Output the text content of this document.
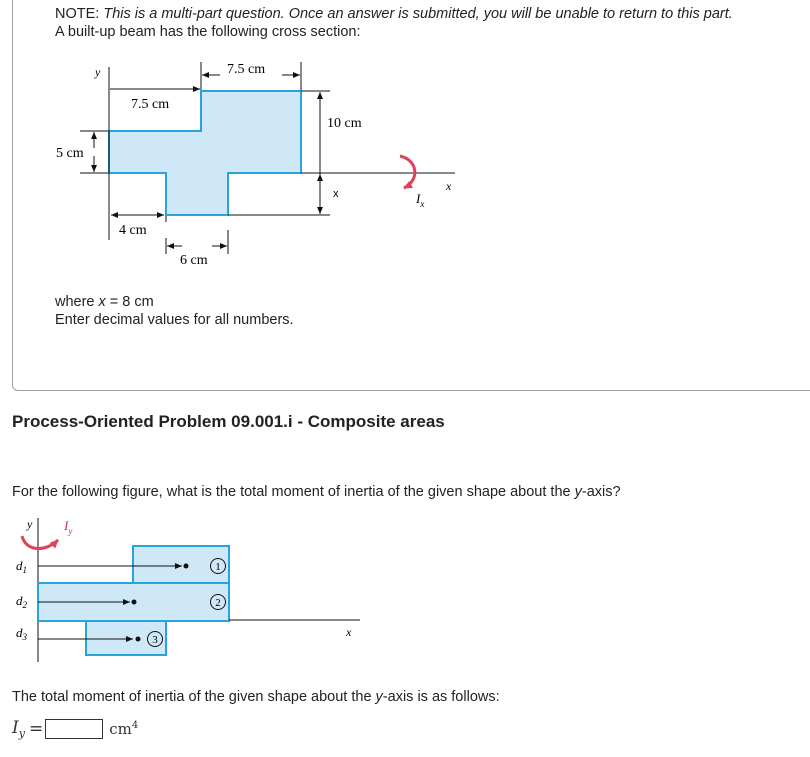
NOTE: This is a multi-part question. Once an answer is submitted, you will be unable to return to this part.
A built-up beam has the following cross section:
y
x
7.5 cm
7.5 cm
10 cm
x
5 cm
4 cm
6 cm
$I_x$
where x = 8 cm
Enter decimal values for all numbers.
Process-Oriented Problem 09.001.i - Composite areas
For the following figure, what is the total moment of inertia of the given shape about the y-axis?
y $I_y$
x
$d_1$	1
$d_2$	2
$d_3$	3
The total moment of inertia of the given shape about the y-axis is as follows:
$I_y$ =	$cm^4$
